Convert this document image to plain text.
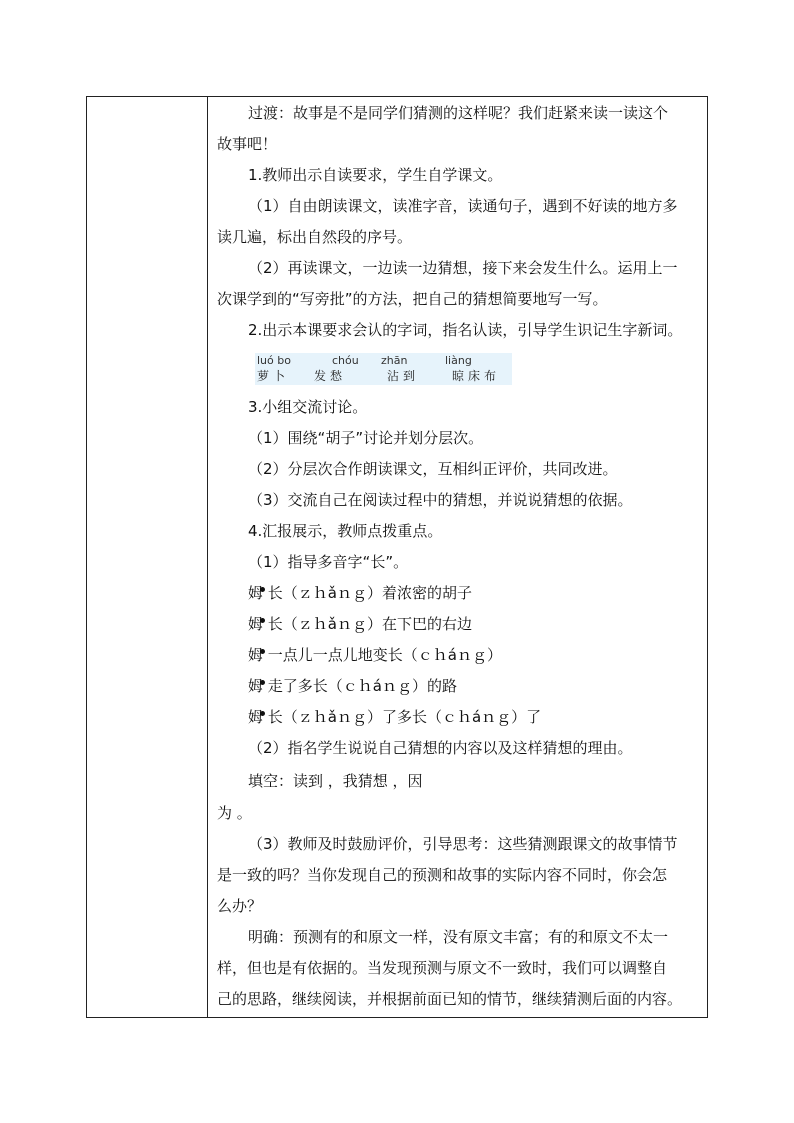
过渡：故事是不是同学们猜测的这样呢？我们赶紧来读一读这个
故事吧！
1.教师出示自读要求，学生自学课文。
（1）自由朗读课文，读准字音，读通句子，遇到不好读的地方多
读几遍，标出自然段的序号。
（2）再读课文，一边读一边猜想，接下来会发生什么。运用上一
次课学到的“写旁批”的方法，把自己的猜想简要地写一写。
2.出示本课要求会认的字词，指名认读，引导学生识记生字新词。
luó bo
萝卜
chóu
发愁
zhān
沾到
liàng
晾床布
3.小组交流讨论。
（1）围绕“胡子”讨论并划分层次。
（2）分层次合作朗读课文，互相纠正评价，共同改进。
（3）交流自己在阅读过程中的猜想，并说说猜想的依据。
4.汇报展示，教师点拨重点。
（1）指导多音字“长”。
姆 长（ｚｈǎｎｇ）着浓密的胡子
姆 长（ｚｈǎｎｇ）在下巴的右边
姆 一点儿一点儿地变长（ｃｈáｎｇ）
姆 走了多长（ｃｈáｎｇ）的路
姆 长（ｚｈǎｎｇ）了多长（ｃｈáｎｇ）了
（2）指名学生说说自己猜想的内容以及这样猜想的理由。
填空：读到 ，我猜想 ，因
为 。
（3）教师及时鼓励评价，引导思考：这些猜测跟课文的故事情节
是一致的吗？当你发现自己的预测和故事的实际内容不同时，你会怎
么办？
明确：预测有的和原文一样，没有原文丰富；有的和原文不太一
样，但也是有依据的。当发现预测与原文不一致时，我们可以调整自
己的思路，继续阅读，并根据前面已知的情节，继续猜测后面的内容。
